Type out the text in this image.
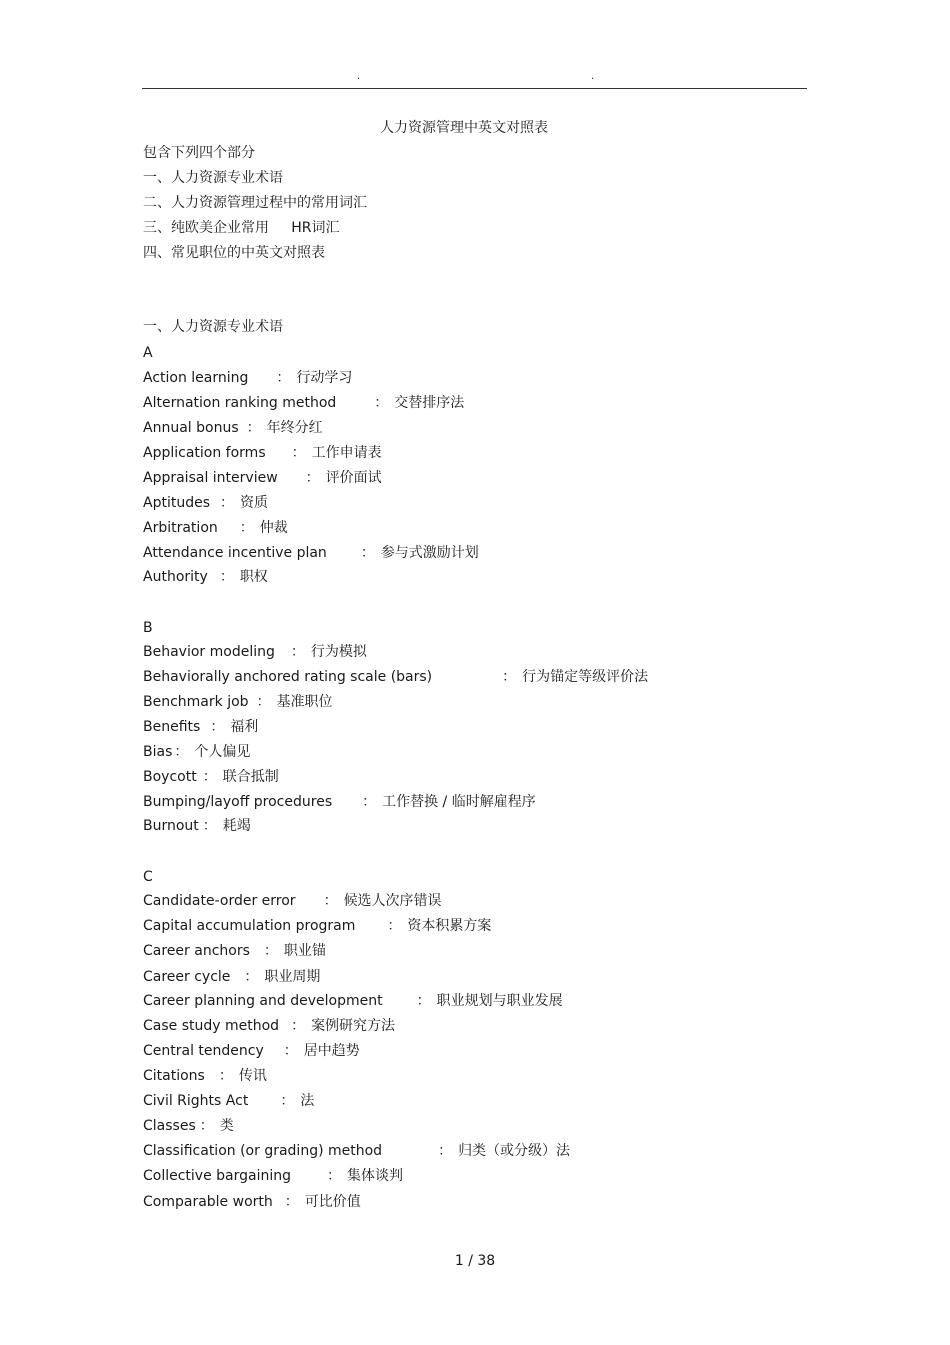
.	.
人力资源管理中英文对照表
包含下列四个部分
一、人力资源专业术语
二、人力资源管理过程中的常用词汇
三、纯欧美企业常用     HR词汇
四、常见职位的中英文对照表
一、人力资源专业术语
A
Action learning ： 行动学习
Alternation ranking method	： 交替排序法
Annual bonus ： 年终分红
Application forms ： 工作申请表
Appraisal interview ： 评价面试
Aptitudes ： 资质
Arbitration ： 仲裁
Attendance incentive plan ： 参与式激励计划
Authority ： 职权
B
Behavior modeling ： 行为模拟
Behaviorally anchored rating scale (bars)	： 行为锚定等级评价法
Benchmark job ： 基准职位
Benefits ： 福利
Bias ： 个人偏见
Boycott ： 联合抵制
Bumping/layoff procedures ： 工作替换 / 临时解雇程序
Burnout ： 耗竭
C
Candidate-order error ： 候选人次序错误
Capital accumulation program ： 资本积累方案
Career anchors ： 职业锚
Career cycle ： 职业周期
Career planning and development ： 职业规划与职业发展
Case study method ： 案例研究方法
Central tendency ： 居中趋势
Citations ： 传讯
Civil Rights Act ： 法
Classes ： 类
Classification (or grading) method	： 归类（或分级）法
Collective bargaining	： 集体谈判
Comparable worth ： 可比价值
1 / 38
